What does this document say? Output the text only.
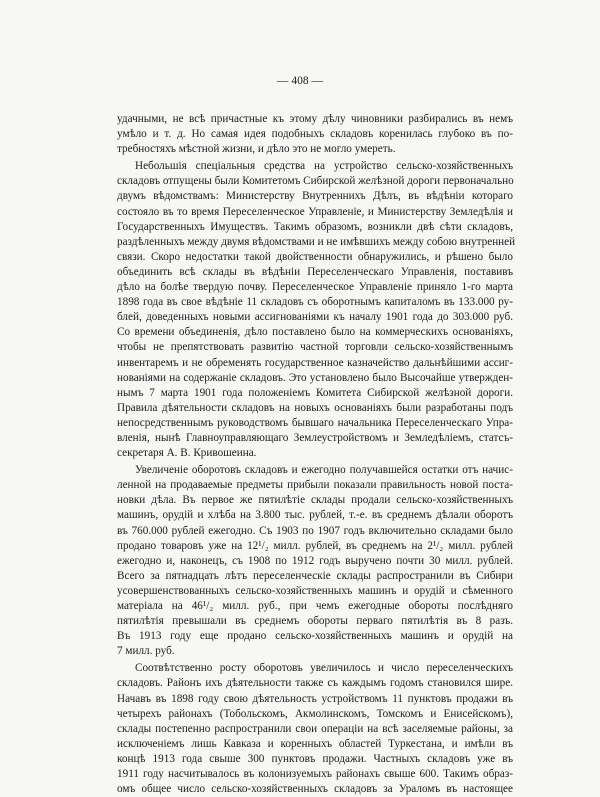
— 408 —
удачными, не всѣ причастные къ этому дѣлу чиновники разбирались въ немъ
умѣло и т. д. Но самая идея подобныхъ складовъ коренилась глубоко въ по-
требностяхъ мѣстной жизни, и дѣло это не могло умереть.
Небольшія спеціальныя средства на устройство сельско-хозяйственныхъ
складовъ отпущены были Комитетомъ Сибирской желѣзной дороги первоначально
двумъ вѣдомствамъ: Министерству Внутреннихъ Дѣлъ, въ вѣдѣніи котораго
состояло въ то время Переселенческое Управленіе, и Министерству Земледѣлія и
Государственныхъ Имуществъ. Такимъ образомъ, возникли двѣ сѣти складовъ,
раздѣленныхъ между двумя вѣдомствами и не имѣвшихъ между собою внутренней
связи. Скоро недостатки такой двойственности обнаружились, и рѣшено было
объединить всѣ склады въ вѣдѣніи Переселенческаго Управленія, поставивъ
дѣло на болѣе твердую почву. Переселенческое Управленіе приняло 1-го марта
1898 года въ свое вѣдѣніе 11 складовъ съ оборотнымъ капиталомъ въ 133.000 ру-
блей, доведенныхъ новыми ассигнованіями къ началу 1901 года до 303.000 руб.
Со времени объединенія, дѣло поставлено было на коммерческихъ основаніяхъ,
чтобы не препятствовать развитію частной торговли сельско-хозяйственнымъ
инвентаремъ и не обременять государственное казначейство дальнѣйшими ассиг-
нованіями на содержаніе складовъ. Это установлено было Высочайше утвержден-
нымъ 7 марта 1901 года положеніемъ Комитета Сибирской желѣзной дороги.
Правила дѣятельности складовъ на новыхъ основаніяхъ были разработаны подъ
непосредственнымъ руководствомъ бывшаго начальника Переселенческаго Упра-
вленія, нынѣ Главноуправляющаго Землеустройствомъ и Земледѣліемъ, статсъ-
секретаря А. В. Кривошеина.
Увеличеніе оборотовъ складовъ и ежегодно получавшейся остатки отъ начис-
ленной на продаваемые предметы прибыли показали правильность новой поста-
новки дѣла. Въ первое же пятилѣтіе склады продали сельско-хозяйственныхъ
машинъ, орудій и хлѣба на 3.800 тыс. рублей, т.-е. въ среднемъ дѣлали оборотъ
въ 760.000 рублей ежегодно. Съ 1903 по 1907 годъ включительно складами было
продано товаровъ уже на 12¹/₂ милл. рублей, въ среднемъ на 2¹/₂ милл. рублей
ежегодно и, наконецъ, съ 1908 по 1912 годъ выручено почти 30 милл. рублей.
Всего за пятнадцать лѣтъ переселенческіе склады распространили въ Сибири
усовершенствованныхъ сельско-хозяйственныхъ машинъ и орудій и сѣменного
матеріала на 46¹/₂ милл. руб., при чемъ ежегодные обороты послѣдняго
пятилѣтія превышали въ среднемъ обороты перваго пятилѣтія въ 8 разъ.
Въ 1913 году еще продано сельско-хозяйственныхъ машинъ и орудій на
7 милл. руб.
Соотвѣтственно росту оборотовъ увеличилось и число переселенческихъ
складовъ. Районъ ихъ дѣятельности также съ каждымъ годомъ становился шире.
Начавъ въ 1898 году свою дѣятельность устройствомъ 11 пунктовъ продажи въ
четырехъ районахъ (Тобольскомъ, Акмолинскомъ, Томскомъ и Енисейскомъ),
склады постепенно распространили свои операціи на всѣ заселяемые районы, за
исключеніемъ лишь Кавказа и коренныхъ областей Туркестана, и имѣли въ
концѣ 1913 года свыше 300 пунктовъ продажи. Частныхъ складовъ уже въ
1911 году насчитывалось въ колонизуемыхъ районахъ свыше 600. Такимъ образ-
омъ общее число сельско-хозяйственныхъ складовъ за Ураломъ въ настоящее
